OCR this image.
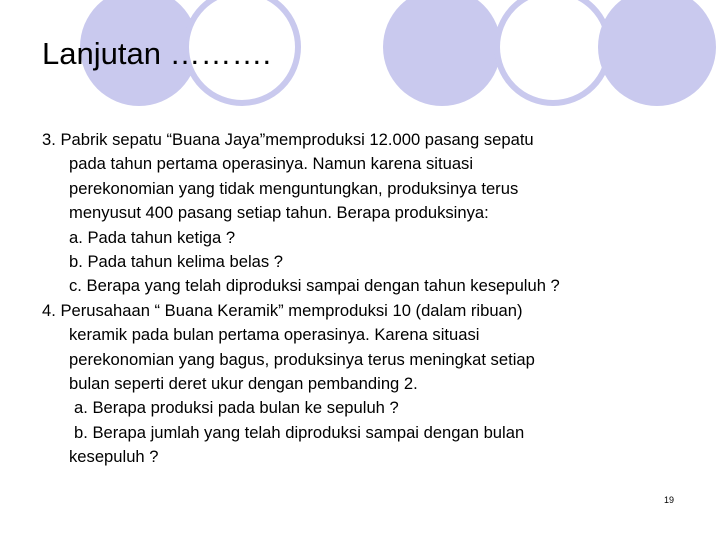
Lanjutan ……….
3. Pabrik sepatu “Buana Jaya”memproduksi 12.000 pasang sepatu
pada tahun pertama operasinya. Namun karena situasi
perekonomian yang tidak menguntungkan, produksinya terus
menyusut 400 pasang setiap tahun. Berapa produksinya:
a. Pada tahun ketiga ?
b. Pada tahun kelima belas ?
c. Berapa yang telah diproduksi sampai dengan tahun kesepuluh ?
4. Perusahaan “ Buana Keramik” memproduksi 10 (dalam ribuan)
keramik pada bulan pertama operasinya. Karena situasi
perekonomian yang bagus, produksinya terus meningkat setiap
bulan seperti deret ukur dengan pembanding 2.
a. Berapa produksi pada bulan ke sepuluh ?
b. Berapa jumlah yang telah diproduksi sampai dengan bulan
kesepuluh ?
19
